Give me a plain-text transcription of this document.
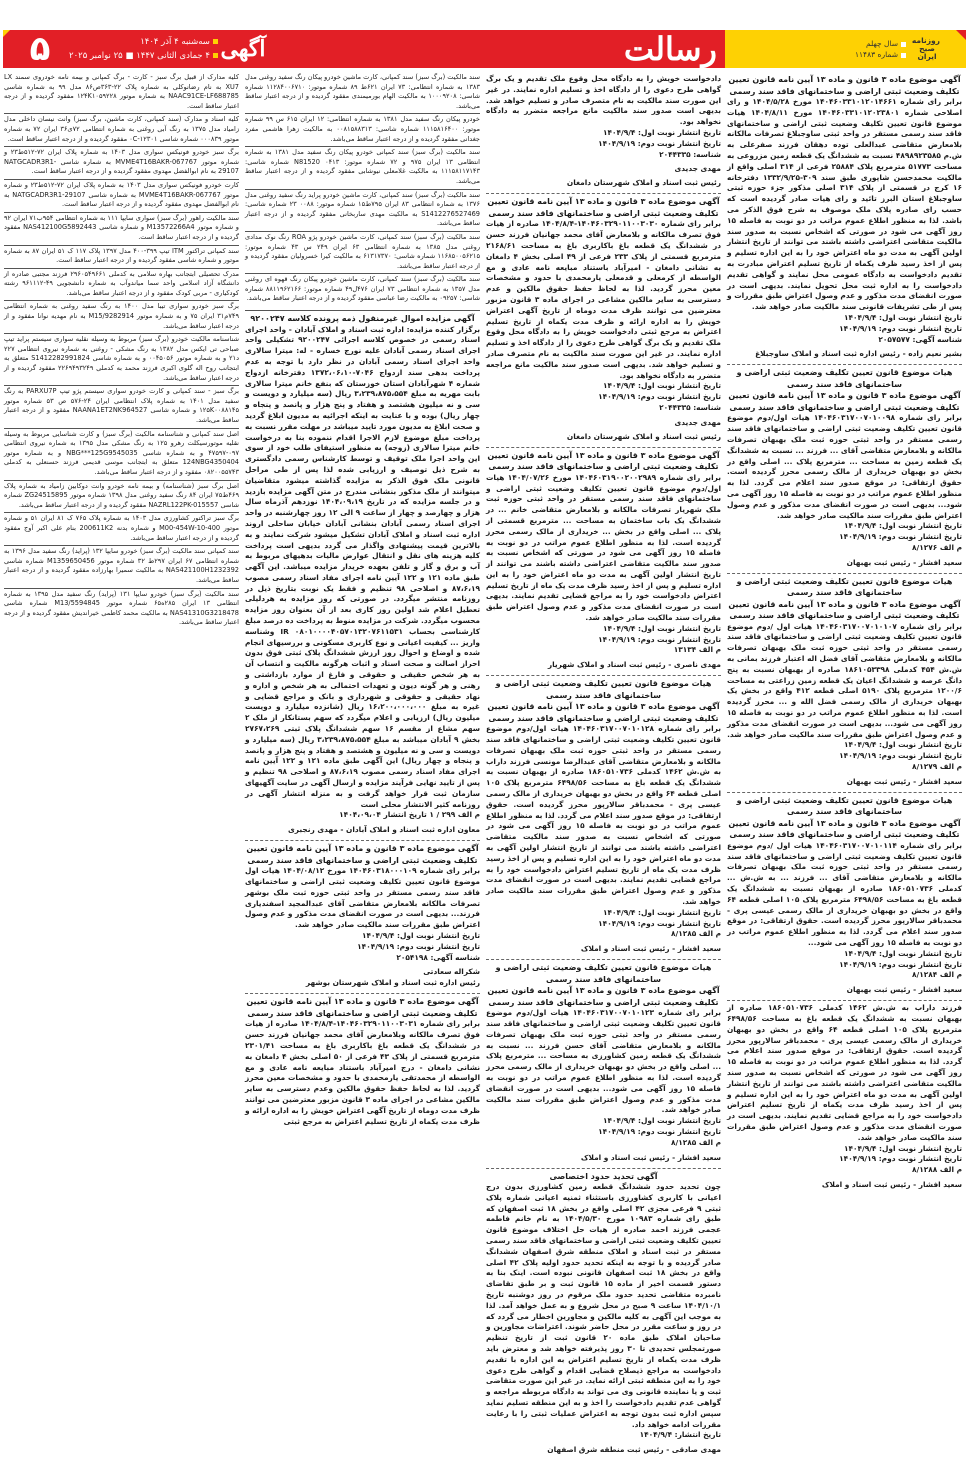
۵	سه‌شنبه ۴ آذر ۱۴۰۴
۴ جمادی الثانی ۱۴۴۷ ■ ۲۵ نوامبر ۲۰۲۵ آگهی	رسالت	روزنامه صبح ایران
سال چهلم
شماره ۱۱۴۸۳

کلیه مدارک از قبیل برگ سبز - کارت - برگ کمپانی و بیمه نامه خودروی سمند LX XU7 به نام رضانوکلی به شماره پلاک ۲۲-۳۶۳ص۸۶ مدل ۹۹ به شماره شاسی NAAC91CE-LF688785 به شماره موتور ۱۲۴K۱۰۵۹۲۲۸ مفقود گردیده و از درجه اعتبار ساقط است.

کلیه اسناد و مدارک (سند کمپانی، کارت ماشین، برگ سبز) وانت نیسان داخلی مدل زامیاد مدل ۱۳۷۵ به رنگ آبی روغنی به شماره انتظامی ۷۲ی۳۶ ایران ۷۲ به شماره موتور ۰۰۰۸۳۹ شماره شاسی ۰C-۱۲۳۰۱ مفقود گردیده و از درجه اعتبار ساقط است.

برگ سبز خودرو فونیکس سواری مدل ۱۴۰۳ به شماره پلاک ایران ۷۲-۵۱۲ط۲۳ و شماره موتور MVME4T16BAKR-067767 به شماره شاسی NATGCADR3R1-29107 به نام ابوالفضل مهدوی مفقود گردیده و از درجه اعتبار ساقط است.

کارت خودرو فونیکس سواری مدل ۱۴۰۳ به شماره پلاک ایران ۷۲-۵۱۲ط۲۳ و شماره موتور MVME4T16BAKR-067767 به شماره شاسی NATGCADR3R1-29107 به نام ابوالفضل مهدوی مفقود گردیده و از درجه اعتبار ساقط است.

سند مالکیت راهور (برگ سبز) سواری سایپا ۱۱۱ به شماره انتظامی ۹۵۴ب۷۱ ایران ۹۲ و شماره موتور M13572266A4 و شماره شاسی NAS412100G5892443 مفقود گردیده و از درجه اعتبار ساقط است.

سند کمپانی تراکتور ITM تیپ ۳۹۹-۴۰۰ مدل ۱۳۹۷ پلاک ۱۱۷ ک ۵۱ ایران ۸۷ به شماره موتور و شماره شاسی مفقود گردیده و از درجه اعتبار ساقط است.

مدرک تحصیلی ابتجانب بهاره سلامی به کدملی ۲۹۶۰۵۴۹۶۶۱ فرزند مجتبی صادره از دانشگاه آزاد اسلامی واحد سما میاندوآب به شماره دانشجویی ۴۹-۹۶۱۱۱۲ رشته کودکیاری - مربی کودک مفقود و از درجه اعتبار ساقط می‌باشد.

برگ سبز خودرو سواری تیبا مدل ۱۴۰۰ به رنگ سفید روغنی به شماره انتظامی ۷۴۹م۳۱ ایران ۷۵ و به شماره موتور M15/9282914 به نام مهدیه نوانا مفقود و از درجه اعتبار ساقط می‌باشد.

شناسنامه مالکیت خودرو (برگ سبز) مربوط به وسیله نقلیه سواری سیستم پراید تیپ صباحی تی ایکس مدل ۱۳۸۲ به رنگ مشکی - روغنی به شماره نیروی انتظامی ۲۲۷ د۲۱ و به شماره موتور ۰۰۴۵۰۵۶ و به شماره شاسی S1412282991824 متعلق به ابتجانب روح اله گلوی اکبری فرزند محمد به کدملی ۲۲۶۹۴۹۳۲۴۹ مفقود گردیده و از درجه اعتبار ساقط می‌باشد.

برگ سبز - سند کمپانی و کارت خودرو سواری سیستم پژو تیپ PARXU7P به رنگ سفید مدل ۱۴۰۱ به شماره پلاک انتظامی ایران ۲۴-۵۷۶ ص ۵۳ شماره موتور ۱۲۵K۰۰۸۸۱۴۵ و شماره شاسی NAANA1ET2NK964527 مفقود و از درجه اعتبار ساقط می‌باشد.

اصل سند کمپانی و شناسنامه مالکیت (برگ سبز) و کارت شناسایی مربوط به وسیله نقلیه موتورسیکلت رهرو ۱۲۵ به رنگ مشکی مدل ۱۳۹۵ به شماره نیروی انتظامی ۰۹۷-۴۷۵۹۷ و به شماره شاسی NBG***125G9545035 و به شماره موتور 124NBG4350404 متعلق به ابتجانب موسی قدیمی فرزند حسنعلی به کدملی ۰۸۲۰۰۵۵۷۴۳ مفقود و از درجه اعتبار ساقط می‌باشد.

اصل برگ سبز (شناسنامه) و بیمه نامه خودرو وانت دوکابین زامیاد به شماره پلاک ۴۶۹ط۷۵ ایران ۸۴ رنگ سفید روغنی مدل ۱۳۹۸ شماره موتور ZG24515895 شماره شاسی NAZRL122PK-015557 مفقود گردیده و از درجه اعتبار ساقط می‌باشد.

برگ سبز تراکتور کشاورزی مدل ۱۴۰۳ به شماره پلاک ۷۶۵ ک ۸۱ ایران ۵۱ و شماره موتور M00-454W-10-400 و شماره بدنه 200611K2 بنام علی اکبر آوج مفقود گردیده و از درجه اعتبار ساقط می‌باشد.

سند کمپانی سند مالکیت (برگ سبز) خودرو سایپا ۱۳۲ (پراید) رنگ سفید مدل ۱۳۹۶ به شماره انتظامی ۶۷ ایران ۲۹۷ط ۳۲ شماره موتور M1359650456 شماره شاسی NAS421100H1232392 به مالکیت سمیرا بهارزاده مفقود گردیده و از درجه اعتبار ساقط می‌باشد.

سند مالکیت (برگ سبز) خودرو سایپا ۱۳۱ (پراید) رنگ سفید مدل ۱۳۹۵ به شماره انتظامی ۱۳ ایران ۲۸۵ه۶۵ شماره موتور M13/5594845 شماره شاسی NAS41310G3218478 به مالکیت محمد کاظمی خیراندیش مفقود گردیده و از درجه اعتبار ساقط می‌باشد.

سند مالکیت (برگ سبز) سند کمپانی، کارت ماشین خودرو پیکان رنگ سفید روغنی مدل ۱۳۸۳ به شماره انتظامی: ۷۳ ایران ۶۲۱ط ۸۹ شماره موتور: ۱۱۲۸۴۰۰۶۷۱۰ شماره شاسی: ۱۰۰۰۹۲۰۸ به مالکیت الهام بورمیمندی مفقود گردیده و از درجه اعتبار ساقط می‌باشد.

خودرو پیکان رنگ سفید مدل ۱۳۸۱ به شماره انتظامی: ۱۲ ایران ۶۱۵ س ۹۹ شماره موتور: ۱۱۱۵۸۱۶۴۰۰ شماره شاسی: ۰۰۸۱۵۸۸۳۱۳ به مالکیت زهرا هاشمی مفرد جغدانی مفقود گردیده و از درجه اعتبار ساقط می‌باشد.

سند مالکیت (برگ سبز) سند کمپانی خودرو پیکان رنگ سفید مدل ۱۳۸۱ به شماره انتظامی ۱۳ ایران ۹۷۵ و ۷۲ شماره موتور: ۰۴۱۳ N81520 شماره شاسی: ۱۱۱۵۸۱۱۷۱۴۳ به مالکیت غلامعلی نیوشابی مفقود گردیده و از درجه اعتبار ساقط می‌باشد.

سند مالکیت (برگ سبز) سند کمپانی، کارت ماشین خودرو پراید رنگ سفید روغنی مدل ۱۳۷۶ به شماره انتظامی ۸۳ ایران ۷۹۵ط۱۵ شماره موتور: ۰۰۸۸ ۲۳ شماره شاسی: S1412276527469 به مالکیت مهدی ساربخانی مفقود گردیده و از درجه اعتبار ساقط می‌باشد.

سند مالکیت (برگ سبز) سند کمپانی، کارت ماشین خودرو پژو ROA رنگ نوک مدادی روغنی مدل ۱۳۸۵ به شماره انتظامی ۶۳ ایران ۲۴۹ س ۴۳ شماره موتور: ۱۱۶۸۵۰۰۵۶۲۱۵ شماره شاسی: ۶۱۳۱۷۳۷۰ به مالکیت کیرا خسرولیان مفقود گردیده و از درجه اعتبار ساقط می‌باشد.

سند مالکیت (برگ سبز) سند کمپانی، کارت ماشین خودرو پیکان رنگ قهوه ای روغنی مدل ۱۳۵۷ به شماره انتظامی ۷۳ ایران ۴۷۶ل۴۹ شماره موتور: ۸۸۱۱۹۶۲۱۶۶ شماره شاسی: ۰۹۲۵۷ به مالکیت رضا عباسی مفقود گردیده و از درجه اعتبار ساقط می‌باشد.

آگهی مزایده اموال غیرمنقول ذمه پرونده کلاسه ۹۲۰۰۲۴۷

برگزار کننده مزایده: اداره ثبت اسناد و املاک آبادان - واحد اجرای اسناد رسمی در خصوص کلاسه اجرائی ۹۲۰۰۲۴۷ تشکیلی واحد اجرای اسناد رسمی آبادان علیه نورج خساره - له: میترا سالاری واحد اجرای اسناد رسمی آبادان در نظر دارد با توجه به عدم پرداخت بدهی سند ازدواج ۷۰۴۶-۱۳۷۲،۰۶،۱۰ دفترخانه ازدواج شماره ۴ شهرآبادان استان خوزستان که بنفع خانم میترا سالاری بابت مهریه به مبلغ ۳،۲۳۹،۸۷۵،۵۵۴ ریال (سه میلیارد و دویست و سی و نه میلیون هشتصد و هفتاد و پنج هزار و پانصد و پنجاه و چهار ریال) بوده و با عنایت به اینکه اجرائیه به مدیون ابلاغ گردید و صحت ابلاغ به مدیون مورد تایید میباشد در مهلت مقرر نسبت به پرداخت مبلغ موضوع لازم الاجرا اقدام ننموده بنا به درخواست خانم میترا سالاری (زوجه) به منظور استیفای طلب خود از سوی این واحد اجرا ملک توقیف و توسط کارشناس رسمی دادگستری به شرح ذیل توصیف و ارزیابی شده لذا پس از طی مراحل قانونی ملک فوق الذکر به مزایده گذاشته میشود متقاضیان میتوانند از ملک مذکور بنشانی مندرج در متن آگهی مزایده بازدید و در جلسه مزایده که در تاریخ ۱۴۰۴،۰۹،۱۹ نوزدهم آذرماه سال هزار و چهارصد و چهار از ساعت ۹ الی ۱۲ روز چهارشنبه در واحد اجرای اسناد رسمی آبادان بنشانی آبادان خیابان ساحلی اروند اداره ثبت اسناد و املاک آبادان تشکیل میشود شرکت نمایند و به بالاترین قیمت پیشنهادی واگذار می گردد بدیهی است پرداخت کلیه هزینه های نقل و انتقال عوارض مالیات بدهیهای مربوط به آب و برق و گاز و تلفن بعهده خریدار مزایده میباشد. این آگهی طبق ماده ۱۲۱ و ۱۲۲ آیین نامه اجرای مفاد اسناد رسمی مصوب ۸۷،۶،۱۹ و اصلاحی ۹۸ تنظیم و فقط یک نوبت بتاریخ ذیل در روزنامه منتشر میگردد. در صورتی که روز مزایده به هردلیلی تعطیل اعلام شد اولین روز کاری بعد از آن بعنوان روز مزایده محسوب میگردد. شرکت در مزایده منوط به پرداخت ده درصد مبلغ کارشناسی بحساب IR ۰۸۰۱۰۰۰۰۴۰۵۷۰۱۳۲۰۷۶۱۱۵۳۱ وشناسه واریز ... کیفیت اعیانی و نوع کاربری مسکونی و بررسیهای انجام شده و اوضاع و احوال روز ارزش ششدانگ پلاک ثبتی فوق بدون احراز اصالت و صحت اسناد و اثبات هرگونه مالکیت و انتساب آن به هر شخص حقیقی و حقوقی و فارغ از موارد بازداشتی و رهنی و هر گونه دیون و تعهدات احتمالی به هر شخص و اداره و نهاد حقیقی و حقوقی و شهرداری و بانک و مراجع قضایی و غیره به مبلغ ۱۶،۲۰۰،۰۰۰،۰۰۰ ریال (شانزده میلیارد و دویست میلیون ریال) ارزیابی و اعلام میگردد که سهم بستانکار از ملک ۲ سهم مشاع از مقسم ۱۶ سهم ششدانگ پلاک ثبتی ۲۷۶۷،۲۶۹ بخش ۹ آبادان میباشد به مبلغ ۳،۲۳۹،۸۷۵،۵۵۴ ریال (سه میلیارد و دویست و سی و نه میلیون و هشتصد و هفتاد و پنج هزار و پانصد و پنجاه و چهار ریال) این آگهی طبق ماده ۱۲۱ و ۱۲۲ آیین نامه اجرای مفاد اسناد رسمی مصوب ۸۷،۶،۱۹ و اصلاحی ۹۸ تنظیم و پس از تایید نهایی فرآیند مزایده و ارسال آگهی در سایت آگهیهای سازمان ثبت قرار خواهد گرفت و به منزله انتشار آگهی در روزنامه کثیر الانتشار محلی است

م الف ۲۹۹ / ۱ تاریخ انتشار ۱۴۰۴،۰۹،۰۴
معاون اداره ثبت اسناد و املاک آبادان - مهدی رنجبری
آگهی موضوع ماده ۳ قانون و ماده ۱۳ آیین نامه قانون تعیین تکلیف وضعیت ثبتی اراضی و ساختمانهای فاقد سند رسمی

برابر رای شماره ۱۴۰۴۶۰۳۱۸۰۰۰۱۰۹ مورخ ۱۴۰۴/۰۸/۱۲ هیات اول موضوع قانون تعیین تکلیف وضعیت ثبتی اراضی و ساختمانهای فاقد سند رسمی مستقر در واحد ثبتی حوزه ثبت ملک بوشهر تصرفات مالکانه بلامعارض متقاضی آقای عبدالمجید اسفندیاری فرزند... بدیهی است در صورت انقضای مدت مذکور و عدم وصول اعتراض طبق مقررات سند مالکیت صادر خواهد شد.

تاریخ انتشار نوبت اول: ۱۴۰۴/۹/۴
تاریخ انتشار نوبت دوم: ۱۴۰۴/۹/۱۹
شناسه آگهی: ۲۰۵۴۱۹۸
شکراله سعادتی
رئیس اداره ثبت اسناد و املاک شهرستان بوشهر
آگهی موضوع ماده ۳ قانون و ماده ۱۳ آیین نامه قانون تعیین تکلیف وضعیت ثبتی اراضی و ساختمانهای فاقد سند رسمی

برابر رای شماره ۱۴۰۴۶۰۳۲۹۰۱۱۰۰۳۰۳۱-۱۴۰۴/۸/۴ صادره از هیات فوق تصرف مالکانه وبلامعارض آقای محمد جهانیان فرزند حسن در ششدانگ یک قطعه باغ باکاربری باغ به مساحت ۲۳۰۱/۴۱ مترمربع قسمتی از پلاک ۴۳ فرعی از ۵۰ اصلی بخش ۴ دامغان به نشانی دامغان - درج امیرآباد باستناد مبایعه نامه عادی و مع الواسطه از محمدتقی یارمحمدی با حدود و مشخصات معین محرز گردید. لذا به لحاظ حفظ حقوق مالکین وعدم دسترسی به سایر مالکین مشاعی در اجرای ماده ۳ قانون مزبور معترضین می توانند ظرف مدت دوماه از تاریخ آگهی اعتراض خویش را به اداره ارائه و ظرف مدت یکماه از تاریخ تسلیم اعتراض به مرجع ثبتی

دادخواست خویش را به دادگاه محل وقوع ملک تقدیم و یک برگ گواهی طرح دعوی را از دادگاه اخذ و تسلیم اداره نمایند. در غیر این صورت سند مالکیت به نام متصرف صادر و تسلیم خواهد شد. بدیهی است صدور سند مالکیت مانع مراجعه متضرر به دادگاه نخواهد بود.

تاریخ انتشار نوبت اول: ۱۴۰۴/۹/۴
تاریخ انتشار نوبت دوم: ۱۴۰۴/۹/۱۹
شناسه: ۲۰۴۴۳۳۵
مهدی جدیدی
رئیس ثبت اسناد و املاک شهرستان دامغان
آگهی موضوع ماده ۳ قانون و ماده ۱۳ آیین نامه قانون تعیین تکلیف وضعیت ثبتی اراضی و ساختمانهای فاقد سند رسمی

برابر رای شماره ۱۴۰۴۶۰۳۲۹۰۱۱۰۰۳۰۳۰-۱۴۰۴/۸/۴ صادره از هیات فوق تصرف مالکانه و بلامعارض آقای محمد جهانیان فرزند حسن در ششدانگ یک قطعه باغ باکاربری باغ به مساحت ۲۱۶۸/۶۱ مترمربع قسمتی از پلاک ۲۳۳ فرعی از ۴۹ اصلی بخش ۴ دامغان به نشانی دامغان - امیرآباد باستناد مبایعه نامه عادی و مع الواسطه از کرمعلی و قدمعلی یارمحمدی با حدود و مشخصات معین محرز گردید. لذا به لحاظ حفظ حقوق مالکین و عدم دسترسی به سایر مالکین مشاعی در اجرای ماده ۳ قانون مزبور معترضین می توانند ظرف مدت دوماه از تاریخ آگهی اعتراض خویش را به اداره ارائه و ظرف مدت یکماه از تاریخ تسلیم اعتراض به مرجع ثبتی دادخواست خویش را به دادگاه محل وقوع ملک تقدیم و یک برگ گواهی طرح دعوی را از دادگاه اخذ و تسلیم اداره نمایند. در غیر این صورت سند مالکیت به نام متصرف صادر و تسلیم خواهد شد. بدیهی است صدور سند مالکیت مانع مراجعه متضرر به دادگاه نخواهد بود.

تاریخ انتشار نوبت اول: ۱۴۰۴/۹/۴
تاریخ انتشار نوبت دوم: ۱۴۰۴/۹/۱۹
شناسه: ۲۰۴۴۳۳۵
مهدی جدیدی
رئیس ثبت اسناد و املاک شهرستان دامغان
آگهی موضوع ماده ۳ قانون و ماده ۱۳ آیین نامه قانون تعیین تکلیف وضعیت ثبتی اراضی و ساختمانهای فاقد سند رسمی

برابر رای شماره ۱۴۰۴۶۰۳۱۹۰۰۲۰۰۲۹۸۹ مورخ ۱۴۰۴/۰۷/۲۶ هیات اول/دوم موضوع قانون تعیین تکلیف وضعیت ثبتی اراضی و ساختمانهای فاقد سند رسمی مستقر در واحد ثبتی حوزه ثبت ملک شهریار تصرفات مالکانه و بلامعارض متقاضی خانم ... در ششدانگ یک باب ساختمان به مساحت ... مترمربع قسمتی از پلاک ... اصلی واقع در بخش ... خریداری از مالک رسمی محرز گردیده است. لذا به منظور اطلاع عموم مراتب در دو نوبت به فاصله ۱۵ روز آگهی می شود در صورتی که اشخاص نسبت به صدور سند مالکیت متقاضی اعتراضی داشته باشند می توانند از تاریخ انتشار اولین آگهی به مدت دو ماه اعتراض خود را به این اداره تسلیم و پس از اخذ رسید ظرف مدت یک ماه از تاریخ تسلیم اعتراض دادخواست خود را به مراجع قضایی تقدیم نمایند. بدیهی است در صورت انقضای مدت مذکور و عدم وصول اعتراض طبق مقررات سند مالکیت صادر خواهد شد.

تاریخ انتشار نوبت اول: ۱۴۰۴/۹/۴
تاریخ انتشار نوبت دوم: ۱۴۰۴/۹/۱۹
م الف ۱۳۱۳۴
مهدی ناصری - رئیس ثبت اسناد و املاک شهریار
هیات موضوع قانون تعیین تکلیف وضعیت ثبتی اراضی و ساختمانهای فاقد سند رسمی
آگهی موضوع ماده ۳ قانون و ماده ۱۳ آیین نامه قانون تعیین تکلیف وضعیت ثبتی اراضی و ساختمانهای فاقد سند رسمی

برابر رای شماره ۱۴۰۴۶۰۳۱۷۰۰۷۰۱۰۱۲۸ هیات اول/دوم موضوع قانون تعیین تکلیف وضعیت ثبتی اراضی و ساختمانهای فاقد سند رسمی مستقر در واحد ثبتی حوزه ثبت ملک بهبهان تصرفات مالکانه و بلامعارض متقاضی آقای عبدالرضا مونسی فرزند داراب به ش.ش ۱۴۶۲ کدملی ۱۸۶۰۵۱۰۷۳۶ صادره از بهبهان نسبت به ششدانگ یک قطعه باغ به مساحت ۶۴۹۸/۵۶ مترمربع پلاک ۱۰۵ اصلی قطعه ۶۴ واقع در بخش دو بهبهان خریداری از مالک رسمی عیسی پری - محمدباقر سالارپور محرز گردیده است. حقوق ارتفاقی: در موقع صدور سند اعلام می گردد. لذا به منظور اطلاع عموم مراتب در دو نوبت به فاصله ۱۵ روز آگهی می شود در صورتی که اشخاص نسبت به صدور سند مالکیت متقاضی اعتراضی داشته باشند می توانند از تاریخ انتشار اولین آگهی به مدت دو ماه اعتراض خود را به این اداره تسلیم و پس از اخذ رسید ظرف مدت یک ماه از تاریخ تسلیم اعتراض دادخواست خود را به مراجع قضایی تقدیم نمایند. بدیهی است در صورت انقضای مدت مذکور و عدم وصول اعتراض طبق مقررات سند مالکیت صادر خواهد شد.

تاریخ انتشار نوبت اول: ۱۴۰۴/۹/۴
تاریخ انتشار نوبت دوم: ۱۴۰۴/۹/۱۹
م الف ۸/۱۲۸۵
سعید افشار - رئیس ثبت اسناد و املاک
هیات موضوع قانون تعیین تکلیف وضعیت ثبتی اراضی و ساختمانهای فاقد سند رسمی
آگهی موضوع ماده ۳ قانون و ماده ۱۳ آیین نامه قانون تعیین تکلیف وضعیت ثبتی اراضی و ساختمانهای فاقد سند رسمی

برابر رای شماره ۱۴۰۴۶۰۳۱۷۰۰۷۰۱۰۱۲۳ هیات اول/دوم موضوع قانون تعیین تکلیف وضعیت ثبتی اراضی و ساختمانهای فاقد سند رسمی مستقر در واحد ثبتی حوزه ثبت ملک بهبهان تصرفات مالکانه و بلامعارض متقاضی آقای حسن فرزند ... نسبت به ششدانگ یک قطعه زمین کشاورزی به مساحت ... مترمربع پلاک ... اصلی واقع در بخش دو بهبهان خریداری از مالک رسمی محرز گردیده است. لذا به منظور اطلاع عموم مراتب در دو نوبت به فاصله ۱۵ روز آگهی می شود... بدیهی است در صورت انقضای مدت مذکور و عدم وصول اعتراض طبق مقررات سند مالکیت صادر خواهد شد.

تاریخ انتشار نوبت اول: ۱۴۰۴/۹/۴
تاریخ انتشار نوبت دوم: ۱۴۰۴/۹/۱۹
م الف ۸/۱۲۸۵
سعید افشار - رئیس ثبت اسناد و املاک
آگهی تحدید حدود اختصاصی

چون تحدید حدود ششدانگ قطعه زمین کشاورزی بدون درج اعیانی با کاربری کشاورزی باستثناء ثمنیه اعیانی شماره پلاک ثبتی ۹ فرعی مجزی ۴۲ اصلی واقع در بخش ۱۸ ثبت اصفهان که طبق رای شماره ۱۰۹۸۳ مورخ ۱۴۰۴/۵/۳۰ به نام خانم فاطمه عجمی فرزند احمد صادره از هیات حل اختلاف موضوع قانون تعیین تکلیف وضعیت ثبتی اراضی و ساختمانهای فاقد سند رسمی مستقر در ثبت اسناد و املاک منطقه شرق اصفهان ششدانگ صادر گردیده و با توجه به اینکه تحدید حدود اولیه پلاک ۴۲ اصلی واقع در بخش ۱۸ ثبت اصفهان قانونی نبوده است. اینک بنا به دستور قسمت اخیر از ماده ۱۵ قانون ثبت و بر طبق تقاضای نامبرده متقاضی تحدید حدود ملک مرقوم در روز دوشنبه تاریخ ۱۴۰۴/۱۰/۱ ساعت ۹ صبح در محل شروع و به عمل خواهد آمد. لذا به موجب این آگهی به کلیه مالکین و مجاورین اخطار می گردد که در روز و ساعت مقرر در محل حاضر شوند. اعتراضات مجاورین و صاحبان املاک طبق ماده ۲۰ قانون ثبت از تاریخ تنظیم صورتمجلس تحدیدی تا ۳۰ روز پذیرفته خواهد شد و معترض باید ظرف مدت یکماه از تاریخ تسلیم اعتراض به این اداره با تقدیم دادخواست به مراجع ذیصلاح قضایی اقدام و گواهی طرح دعوی خود را به این منطقه ثبتی ارائه نماید. در غیر این صورت متقاضی ثبت و یا نماینده قانونی وی می تواند به دادگاه مربوطه مراجعه و گواهی عدم تقدیم دادخواست را اخذ و به این منطقه تسلیم نماید سپس اداره ثبت بدون توجه به اعتراض عملیات ثبتی را با رعایت مقررات ادامه خواهد داد.

تاریخ انتشار: ۱۴۰۴/۹/۴
مهدی صادقی - رئیس ثبت منطقه شرق اصفهان
آگهی موضوع ماده ۳ قانون و ماده ۱۳ آیین نامه قانون تعیین تکلیف وضعیت ثبتی اراضی و ساختمانهای فاقد سند رسمی

برابر رای شماره ۱۴۰۴۶۰۳۳۱۰۱۲۰۱۴۶۶۱ مورخ ۱۴۰۴/۵/۲۸ و رای اصلاحی شماره ۱۴۰۴۶۰۳۳۱۰۱۲۰۲۳۸۰۱ مورخ ۱۴۰۴/۸/۱۱ هیات موضوع قانون تعیین تکلیف وضعیت ثبتی اراضی و ساختمانهای فاقد سند رسمی مستقر در واحد ثبتی ساوجبلاغ تصرفات مالکانه بلامعارض متقاضی عبدالعلی توده دهقان فرزند صفرعلی به ش.م ۴۸۹۸۹۲۳۵۸۵ نسبت به ششدانگ یک قطعه زمین مزروعی به مساحت ۵۱۷۷۳ مترمربع پلاک ۲۵۸۸۴ فرعی از ۳۱۴ اصلی واقع از مالکیت محمدحسن شاپوری طبق سند ۳۰۹-۱۳۳۲/۹/۲۵ دفترخانه ۱۶ کرج در قسمتی از پلاک ۳۱۴ اصلی مذکور جزء حوزه ثبتی ساوجبلاغ استان البرز تائید و رای هیات صادر گردیده است که حسب رای صادره پلاک ملک موصوف به شرح فوق الذکر می باشد. لذا به منظور اطلاع عموم مراتب در دو نوبت به فاصله ۱۵ روز آگهی می شود در صورتی که اشخاص نسبت به صدور سند مالکیت متقاضی اعتراضی داشته باشند می توانند از تاریخ انتشار اولین آگهی به مدت دو ماه اعتراض خود را به این اداره تسلیم و پس از اخذ رسید ظرف یکماه از تاریخ تسلیم اعتراض مبادرت به تقدیم دادخواست به دادگاه عمومی محل نمایند و گواهی تقدیم دادخواست را به اداره ثبت محل تحویل نمایند. بدیهی است در صورت انقضای مدت مذکور و عدم وصول اعتراض طبق مقررات و پس از طی تشریفات قانونی سند مالکیت صادر خواهد شد.

تاریخ انتشار نوبت اول: ۱۴۰۴/۹/۴
تاریخ انتشار نوبت دوم: ۱۴۰۴/۹/۱۹
شناسه آگهی: ۲۰۵۷۵۷۷
بشیر نعیم زاده - رئیس اداره ثبت اسناد و املاک ساوجبلاغ
هیات موضوع قانون تعیین تکلیف وضعیت ثبتی اراضی و ساختمانهای فاقد سند رسمی
آگهی موضوع ماده ۳ قانون و ماده ۱۳ آیین نامه قانون تعیین تکلیف وضعیت ثبتی اراضی و ساختمانهای فاقد سند رسمی

برابر رای شماره ۱۴۰۴۶۰۳۱۷۰۰۷۰۱۰۰۹۸ هیات اول/دوم موضوع قانون تعیین تکلیف وضعیت ثبتی اراضی و ساختمانهای فاقد سند رسمی مستقر در واحد ثبتی حوزه ثبت ملک بهبهان تصرفات مالکانه و بلامعارض متقاضی آقای ... فرزند ... نسبت به ششدانگ یک قطعه زمین به مساحت ... مترمربع پلاک ... اصلی واقع در بخش دو بهبهان خریداری از مالک رسمی محرز گردیده است. حقوق ارتفاقی: در موقع صدور سند اعلام می گردد. لذا به منظور اطلاع عموم مراتب در دو نوبت به فاصله ۱۵ روز آگهی می شود... بدیهی است در صورت انقضای مدت مذکور و عدم وصول اعتراض طبق مقررات سند مالکیت صادر خواهد شد.

تاریخ انتشار نوبت اول: ۱۴۰۴/۹/۴
تاریخ انتشار نوبت دوم: ۱۴۰۴/۹/۱۹
م الف ۸/۱۲۷۶
سعید افشار - رئیس ثبت بهبهان
هیات موضوع قانون تعیین تکلیف وضعیت ثبتی اراضی و ساختمانهای فاقد سند رسمی
آگهی موضوع ماده ۳ قانون و ماده ۱۳ آیین نامه قانون تعیین تکلیف وضعیت ثبتی اراضی و ساختمانهای فاقد سند رسمی

برابر رای شماره ۱۴۰۴۶۰۳۱۷۰۰۷۰۱۰۱۰۷ هیات اول /دوم موضوع قانون تعیین تکلیف وضعیت ثبتی اراضی و ساختمانهای فاقد سند رسمی مستقر در واحد ثبتی حوزه ثبت ملک بهبهان تصرفات مالکانه و بلامعارض متقاضی آقای فضل اله اعتبار فرزند بمانی به ش.ش ۴۵۴ کدملی ۱۸۶۱۰۵۳۳۹۸ صادره از بهبهان نسبت به پنج دانگ عرصه و ششدانگ اعیان یک قطعه زمین زراعتی به مساحت ۱۲۰۰/۶ مترمربع پلاک ۵۱۹۰ اصلی قطعه ۴۱۲ واقع در بخش یک بهبهان خریداری از مالک رسمی فضل الله و ... محرز گردیده است. لذا به منظور اطلاع عموم مراتب در دو نوبت به فاصله ۱۵ روز آگهی می شود... بدیهی است در صورت انقضای مدت مذکور و عدم وصول اعتراض طبق مقررات سند مالکیت صادر خواهد شد.

تاریخ انتشار نوبت اول: ۱۴۰۴/۹/۴
تاریخ انتشار نوبت دوم: ۱۴۰۴/۹/۱۹
م الف ۸/۱۲۷۹
سعید افشار - رئیس ثبت بهبهان
هیات موضوع قانون تعیین تکلیف وضعیت ثبتی اراضی و ساختمانهای فاقد سند رسمی
آگهی موضوع ماده ۳ قانون و ماده ۱۳ آیین نامه قانون تعیین تکلیف وضعیت ثبتی اراضی و ساختمانهای فاقد سند رسمی

برابر رای شماره ۱۴۰۴۶۰۳۱۷۰۰۷۰۱۰۱۱۴ هیات اول /دوم موضوع قانون تعیین تکلیف وضعیت ثبتی اراضی و ساختمانهای فاقد سند رسمی مستقر در واحد ثبتی حوزه ثبت ملک بهبهان تصرفات مالکانه و بلامعارض متقاضی آقای ... فرزند ... به ش.ش ... کدملی ۱۸۶۰۵۱۰۷۳۶ صادره از بهبهان نسبت به ششدانگ یک قطعه باغ به مساحت ۶۴۹۸/۵۶ مترمربع پلاک ۱۰۵ اصلی قطعه ۶۴ واقع در بخش دو بهبهان خریداری از مالک رسمی عیسی پری - محمدباقر سالارپور محرز گردیده است. حقوق ارتفاقی: در موقع صدور سند اعلام می گردد. لذا به منظور اطلاع عموم مراتب در دو نوبت به فاصله ۱۵ روز آگهی می شود...

تاریخ انتشار نوبت اول: ۱۴۰۴/۹/۴
تاریخ انتشار نوبت دوم: ۱۴۰۴/۹/۱۹
م الف ۸/۱۲۸۴
سعید افشار - رئیس ثبت بهبهان

فرزند داراب به ش.ش ۱۴۶۲ کدملی ۱۸۶۰۵۱۰۷۳۶ صادره از بهبهان نسبت به ششدانگ یک قطعه باغ به مساحت ۶۴۹۸/۵۶ مترمربع پلاک ۱۰۵ اصلی قطعه ۶۴ واقع در بخش دو بهبهان خریداری از مالک رسمی عیسی پری - محمدباقر سالارپور محرز گردیده است. حقوق ارتفاقی: در موقع صدور سند اعلام می گردد. لذا به منظور اطلاع عموم مراتب در دو نوبت به فاصله ۱۵ روز آگهی می شود در صورتی که اشخاص نسبت به صدور سند مالکیت متقاضی اعتراضی داشته باشند می توانند از تاریخ انتشار اولین آگهی به مدت دو ماه اعتراض خود را به این اداره تسلیم و پس از اخذ رسید ظرف مدت یکماه از تاریخ تسلیم اعتراض دادخواست خود را به مراجع قضایی تقدیم نمایند. بدیهی است در صورت انقضای مدت مذکور و عدم وصول اعتراض طبق مقررات سند مالکیت صادر خواهد شد.

تاریخ انتشار نوبت اول: ۱۴۰۴/۹/۴
تاریخ انتشار نوبت دوم: ۱۴۰۴/۹/۱۹
م الف ۸/۱۲۸۸
سعید افشار - رئیس ثبت اسناد و املاک
